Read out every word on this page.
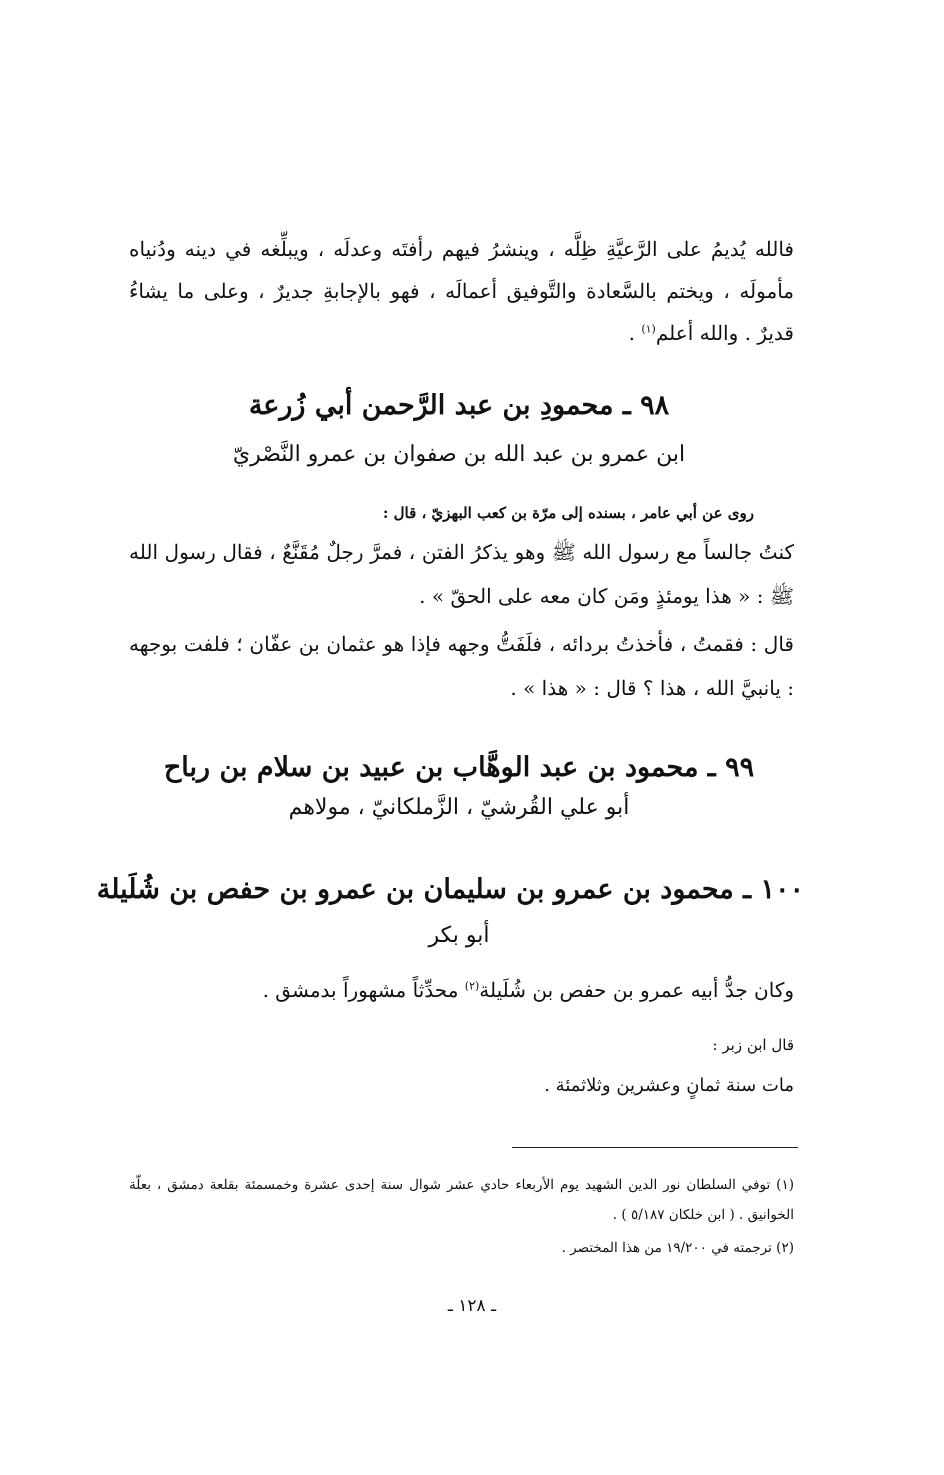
فالله يُديمُ على الرَّعيَّةِ ظِلَّه ، وينشرُ فيهم رأفتَه وعدلَه ، ويبلِّغه في دينه ودُنياه مأمولَه ، ويختم بالسَّعادة والتَّوفيق أعمالَه ، فهو بالإجابةِ جديرٌ ، وعلى ما يشاءُ قديرٌ . والله أعلم$^{(١)}$ .
٩٨ ـ محمودِ بن عبد الرَّحمن أبي زُرعة
ابن عمرو بن عبد الله بن صفوان بن عمرو النَّصْريّ
روى عن أبي عامر ، بسنده إلى مرّة بن كعب البهزيّ ، قال :
كنتُ جالساً مع رسول الله ﷺ وهو يذكرُ الفتن ، فمرَّ رجلٌ مُقَنَّعٌ ، فقال رسول الله ﷺ : « هذا يومئذٍ ومَن كان معه على الحقّ » .
قال : فقمتُ ، فأخذتُ بردائه ، فلَفَتُّ وجهه فإذا هو عثمان بن عفّان ؛ فلفت بوجهه : يانبيَّ الله ، هذا ؟ قال : « هذا » .
٩٩ ـ محمود بن عبد الوهَّاب بن عبيد بن سلام بن رباح
أبو علي القُرشيّ ، الزَّملكانيّ ، مولاهم
١٠٠ ـ محمود بن عمرو بن سليمان بن عمرو بن حفص بن شُلَيلة
أبو بكر
وكان جدُّ أبيه عمرو بن حفص بن شُلَيلة$^{(٢)}$ محدِّثاً مشهوراً بدمشق .
قال ابن زبر :
مات سنة ثمانٍ وعشرين وثلاثمئة .
(١) توفي السلطان نور الدين الشهيد يوم الأربعاء حادي عشر شوال سنة إحدى عشرة وخمسمئة بقلعة دمشق ، بعلّة الخوانيق . ( ابن خلكان ٥/١٨٧ ) .
(٢) ترجمته في ١٩/٢٠٠ من هذا المختصر .
ـ ١٢٨ ـ
